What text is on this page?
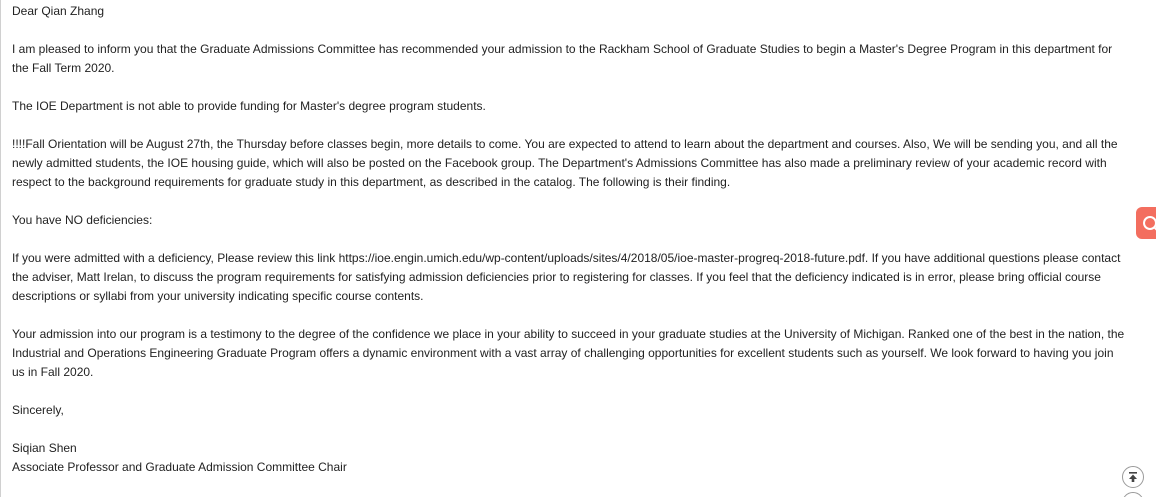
Dear Qian Zhang

I am pleased to inform you that the Graduate Admissions Committee has recommended your admission to the Rackham School of Graduate Studies to begin a Master's Degree Program in this department for

the Fall Term 2020.

The IOE Department is not able to provide funding for Master's degree program students.

!!!!Fall Orientation will be August 27th, the Thursday before classes begin, more details to come. You are expected to attend to learn about the department and courses. Also, We will be sending you, and all the

newly admitted students, the IOE housing guide, which will also be posted on the Facebook group. The Department's Admissions Committee has also made a preliminary review of your academic record with

respect to the background requirements for graduate study in this department, as described in the catalog. The following is their finding.

You have NO deficiencies:

If you were admitted with a deficiency, Please review this link https://ioe.engin.umich.edu/wp-content/uploads/sites/4/2018/05/ioe-master-progreq-2018-future.pdf. If you have additional questions please contact

the adviser, Matt Irelan, to discuss the program requirements for satisfying admission deficiencies prior to registering for classes. If you feel that the deficiency indicated is in error, please bring official course

descriptions or syllabi from your university indicating specific course contents.

Your admission into our program is a testimony to the degree of the confidence we place in your ability to succeed in your graduate studies at the University of Michigan. Ranked one of the best in the nation, the

Industrial and Operations Engineering Graduate Program offers a dynamic environment with a vast array of challenging opportunities for excellent students such as yourself. We look forward to having you join

us in Fall 2020.

Sincerely,

Siqian Shen

Associate Professor and Graduate Admission Committee Chair
